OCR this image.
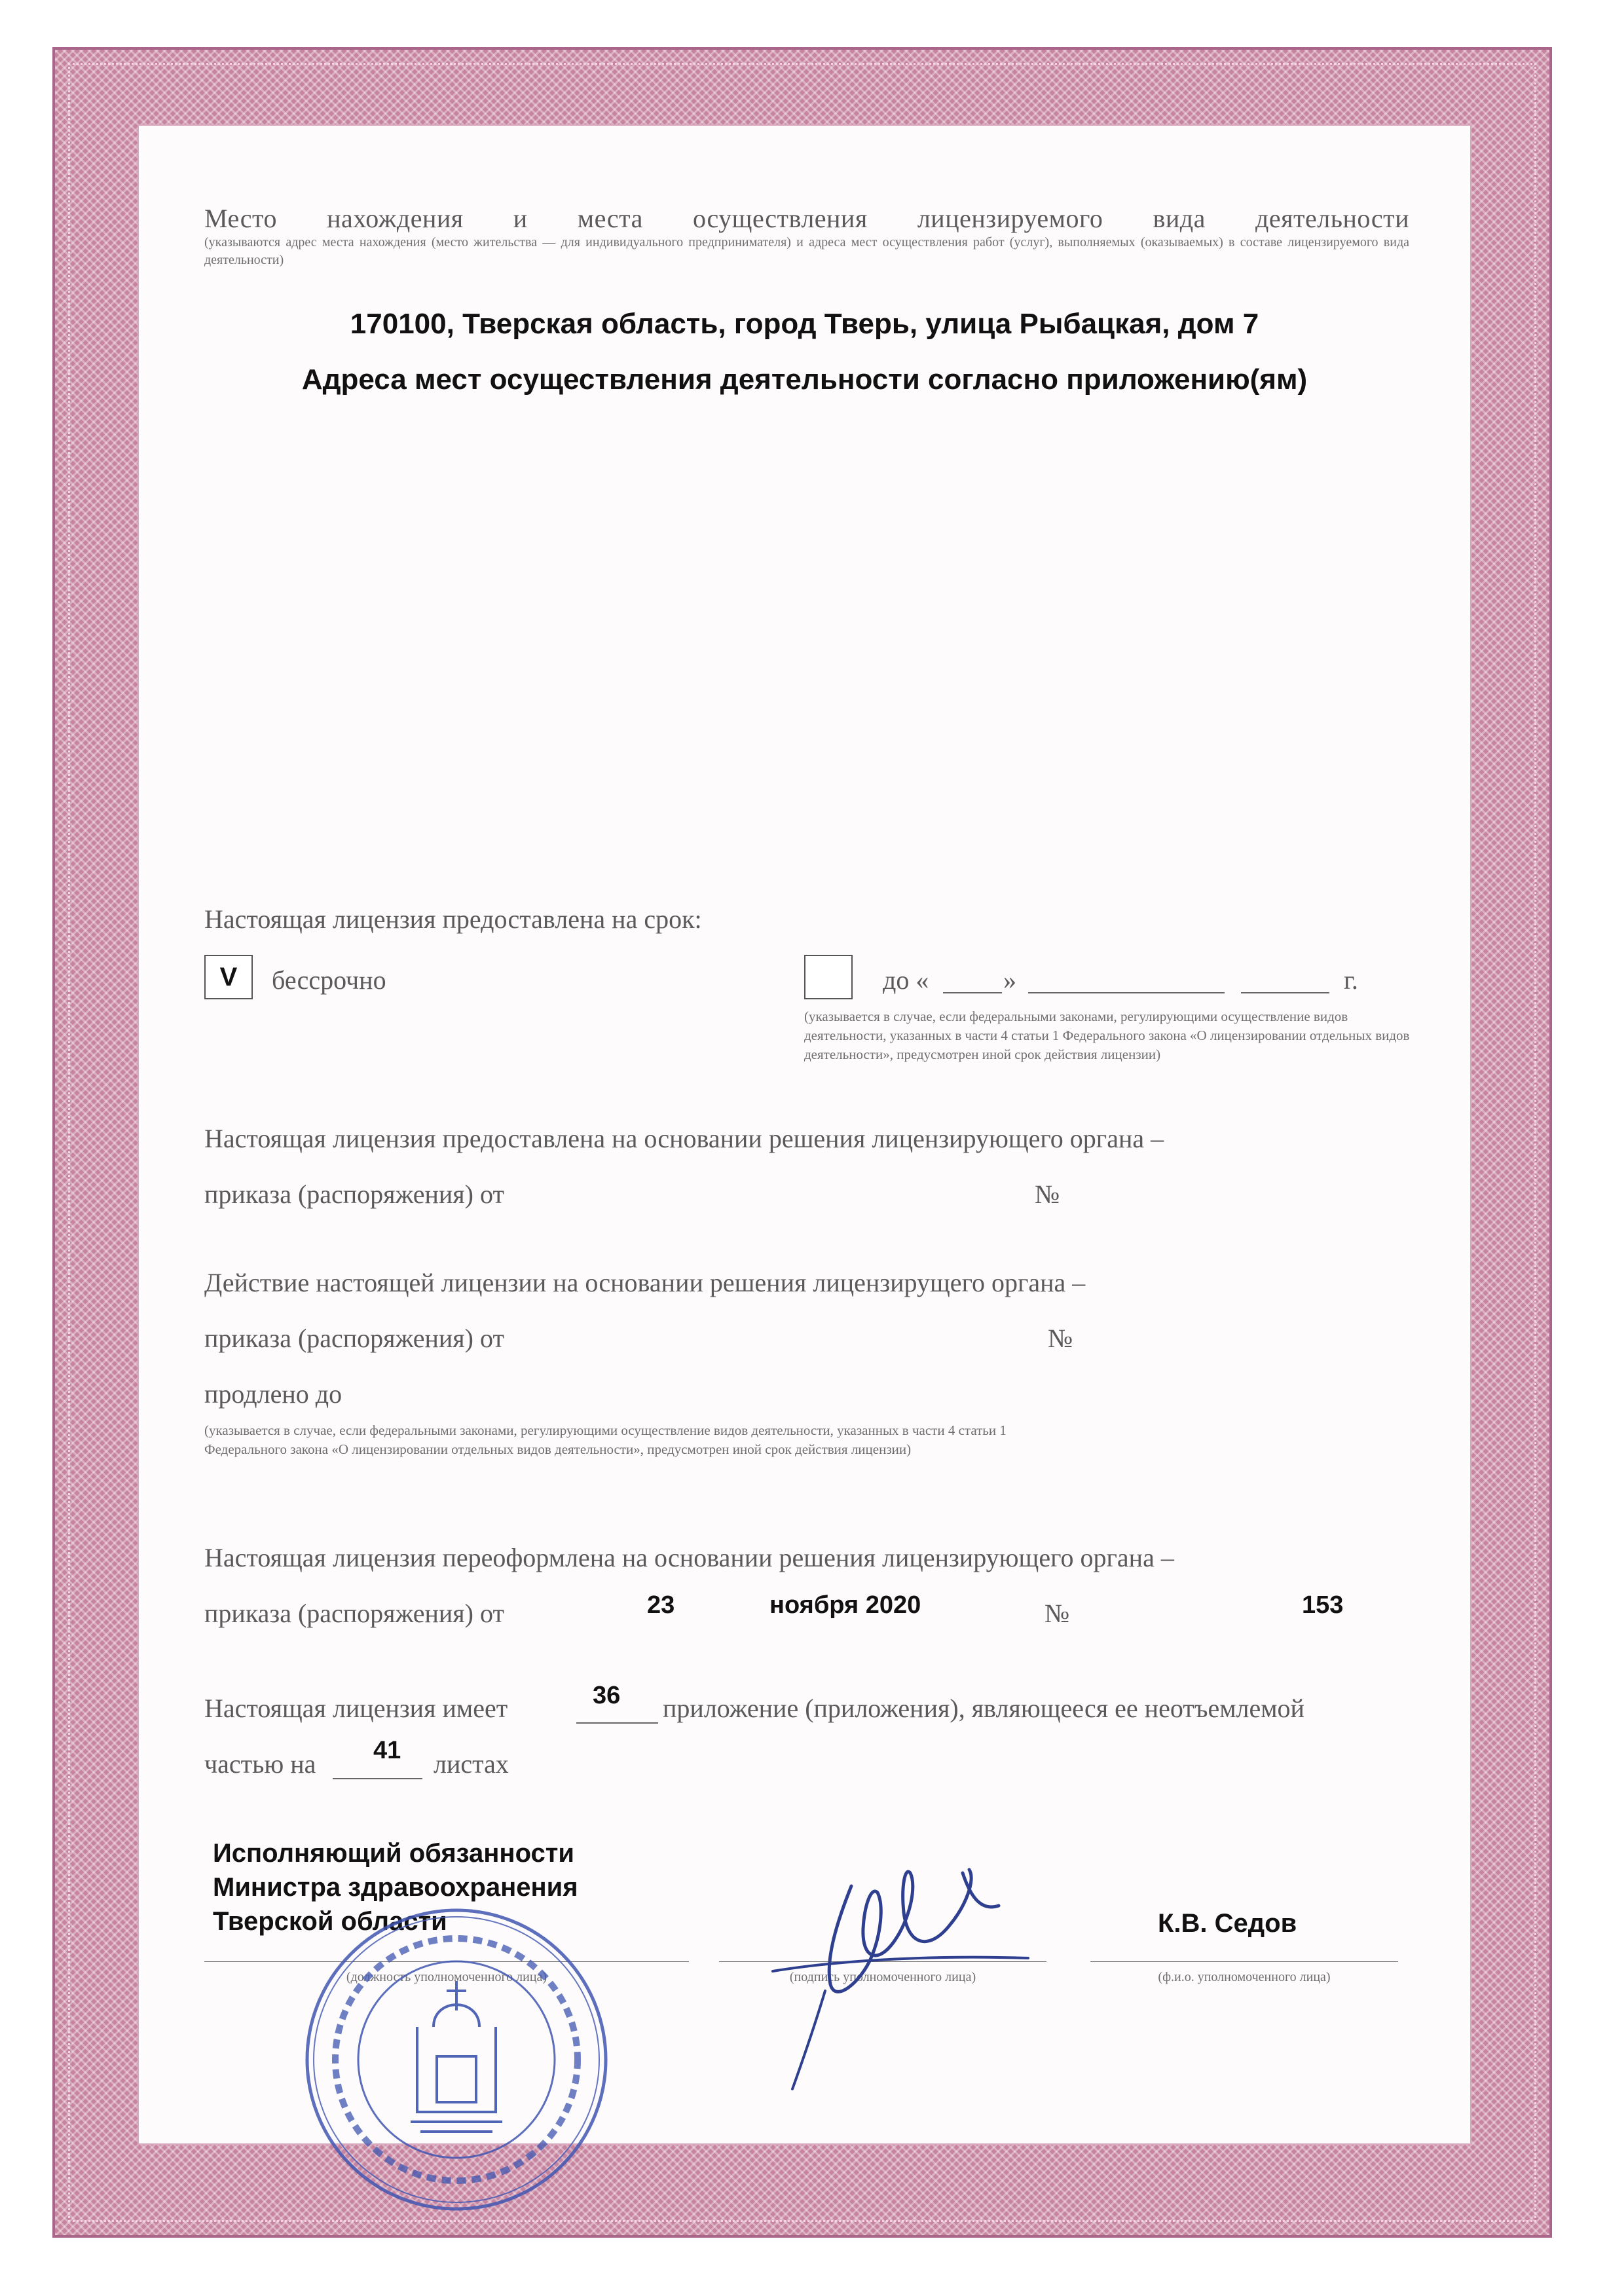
Место нахождения и места осуществления лицензируемого вида деятельности
(указываются адрес места нахождения (место жительства — для индивидуального предпринимателя) и адреса мест осуществления работ (услуг), выполняемых (оказываемых) в составе лицензируемого вида деятельности)
170100, Тверская область, город Тверь, улица Рыбацкая, дом 7
Адреса мест осуществления деятельности согласно приложению(ям)
Настоящая лицензия предоставлена на срок:
V бессрочно	до «	»	г.
(указывается в случае, если федеральными законами, регулирующими осуществление видов деятельности, указанных в части 4 статьи 1 Федерального закона «О лицензировании отдельных видов деятельности», предусмотрен иной срок действия лицензии)
Настоящая лицензия предоставлена на основании решения лицензирующего органа –
приказа (распоряжения) от	№
Действие настоящей лицензии на основании решения лицензирущего органа –
приказа (распоряжения) от	№
продлено до
(указывается в случае, если федеральными законами, регулирующими осуществление видов деятельности, указанных в части 4 статьи 1 Федерального закона «О лицензировании отдельных видов деятельности», предусмотрен иной срок действия лицензии)
Настоящая лицензия переоформлена на основании решения лицензирующего органа –
приказа (распоряжения) от	23	ноября 2020	№	153
Настоящая лицензия имеет	36 приложение (приложения), являющееся ее неотъемлемой
частью на 41 листах
Исполняющий обязанности
Министра здравоохранения
Тверской области	К.В. Седов
(должность уполномоченного лица)	(подпись уполномоченного лица)	(ф.и.о. уполномоченного лица)
